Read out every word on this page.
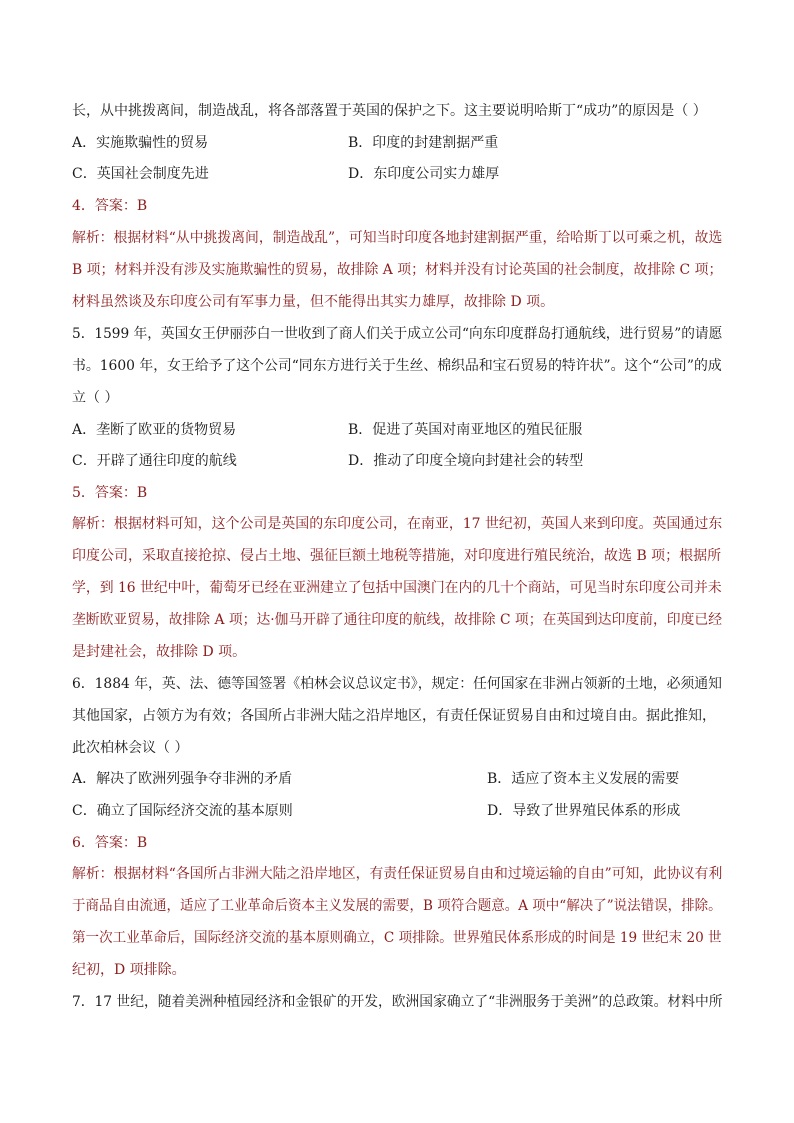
长，从中挑拨离间，制造战乱，将各部落置于英国的保护之下。这主要说明哈斯丁“成功”的原因是（ ）
A．实施欺骗性的贸易	B．印度的封建割据严重
C．英国社会制度先进	D．东印度公司实力雄厚
4．答案：B
解析：根据材料“从中挑拨离间，制造战乱”，可知当时印度各地封建割据严重，给哈斯丁以可乘之机，故选
B 项；材料并没有涉及实施欺骗性的贸易，故排除 A 项；材料并没有讨论英国的社会制度，故排除 C 项；
材料虽然谈及东印度公司有军事力量，但不能得出其实力雄厚，故排除 D 项。
5．1599 年，英国女王伊丽莎白一世收到了商人们关于成立公司“向东印度群岛打通航线，进行贸易”的请愿
书。1600 年，女王给予了这个公司“同东方进行关于生丝、棉织品和宝石贸易的特许状”。这个“公司”的成
立（ ）
A．垄断了欧亚的货物贸易	B．促进了英国对南亚地区的殖民征服
C．开辟了通往印度的航线	D．推动了印度全境向封建社会的转型
5．答案：B
解析：根据材料可知，这个公司是英国的东印度公司，在南亚，17 世纪初，英国人来到印度。英国通过东
印度公司，采取直接抢掠、侵占土地、强征巨额土地税等措施，对印度进行殖民统治，故选 B 项；根据所
学，到 16 世纪中叶，葡萄牙已经在亚洲建立了包括中国澳门在内的几十个商站，可见当时东印度公司并未
垄断欧亚贸易，故排除 A 项；达·伽马开辟了通往印度的航线，故排除 C 项；在英国到达印度前，印度已经
是封建社会，故排除 D 项。
6．1884 年，英、法、德等国签署《柏林会议总议定书》，规定：任何国家在非洲占领新的土地，必须通知
其他国家，占领方为有效；各国所占非洲大陆之沿岸地区，有责任保证贸易自由和过境自由。据此推知，
此次柏林会议（ ）
A．解决了欧洲列强争夺非洲的矛盾	B．适应了资本主义发展的需要
C．确立了国际经济交流的基本原则	D．导致了世界殖民体系的形成
6．答案：B
解析：根据材料“各国所占非洲大陆之沿岸地区，有责任保证贸易自由和过境运输的自由”可知，此协议有利
于商品自由流通，适应了工业革命后资本主义发展的需要，B 项符合题意。A 项中“解决了”说法错误，排除。
第一次工业革命后，国际经济交流的基本原则确立，C 项排除。世界殖民体系形成的时间是 19 世纪末 20 世
纪初，D 项排除。
7．17 世纪，随着美洲种植园经济和金银矿的开发，欧洲国家确立了“非洲服务于美洲”的总政策。材料中所
